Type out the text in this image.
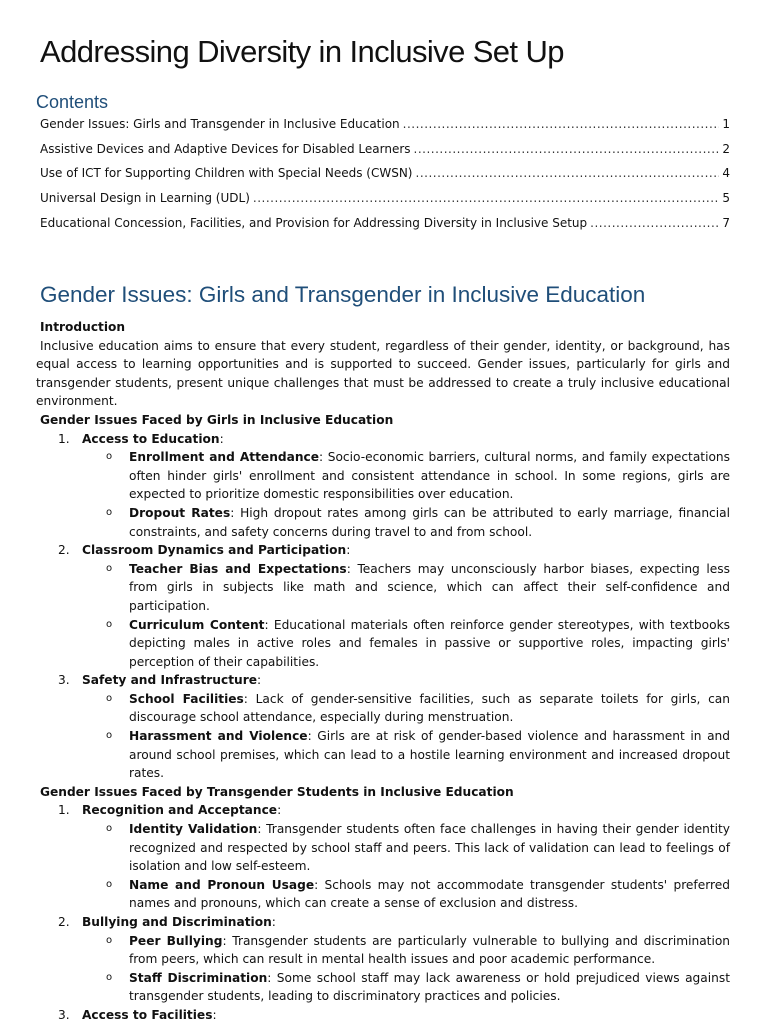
Addressing Diversity in Inclusive Set Up
Contents
Gender Issues: Girls and Transgender in Inclusive Education .....	1
Assistive Devices and Adaptive Devices for Disabled Learners .....	2
Use of ICT for Supporting Children with Special Needs (CWSN) .....	4
Universal Design in Learning (UDL) .....	5
Educational Concession, Facilities, and Provision for Addressing Diversity in Inclusive Setup .....	7
Gender Issues: Girls and Transgender in Inclusive Education
Introduction

Inclusive education aims to ensure that every student, regardless of their gender, identity, or background, has equal access to learning opportunities and is supported to succeed. Gender issues, particularly for girls and transgender students, present unique challenges that must be addressed to create a truly inclusive educational environment.

Gender Issues Faced by Girls in Inclusive Education
1. Access to Education:
o Enrollment and Attendance: Socio-economic barriers, cultural norms, and family expectations often hinder girls' enrollment and consistent attendance in school. In some regions, girls are expected to prioritize domestic responsibilities over education.
o Dropout Rates: High dropout rates among girls can be attributed to early marriage, financial constraints, and safety concerns during travel to and from school.
2. Classroom Dynamics and Participation:
o Teacher Bias and Expectations: Teachers may unconsciously harbor biases, expecting less from girls in subjects like math and science, which can affect their self-confidence and participation.
o Curriculum Content: Educational materials often reinforce gender stereotypes, with textbooks depicting males in active roles and females in passive or supportive roles, impacting girls' perception of their capabilities.
3. Safety and Infrastructure:
o School Facilities: Lack of gender-sensitive facilities, such as separate toilets for girls, can discourage school attendance, especially during menstruation.
o Harassment and Violence: Girls are at risk of gender-based violence and harassment in and around school premises, which can lead to a hostile learning environment and increased dropout rates.
Gender Issues Faced by Transgender Students in Inclusive Education
1. Recognition and Acceptance:
o Identity Validation: Transgender students often face challenges in having their gender identity recognized and respected by school staff and peers. This lack of validation can lead to feelings of isolation and low self-esteem.
o Name and Pronoun Usage: Schools may not accommodate transgender students' preferred names and pronouns, which can create a sense of exclusion and distress.
2. Bullying and Discrimination:
o Peer Bullying: Transgender students are particularly vulnerable to bullying and discrimination from peers, which can result in mental health issues and poor academic performance.
o Staff Discrimination: Some school staff may lack awareness or hold prejudiced views against transgender students, leading to discriminatory practices and policies.
3. Access to Facilities:
